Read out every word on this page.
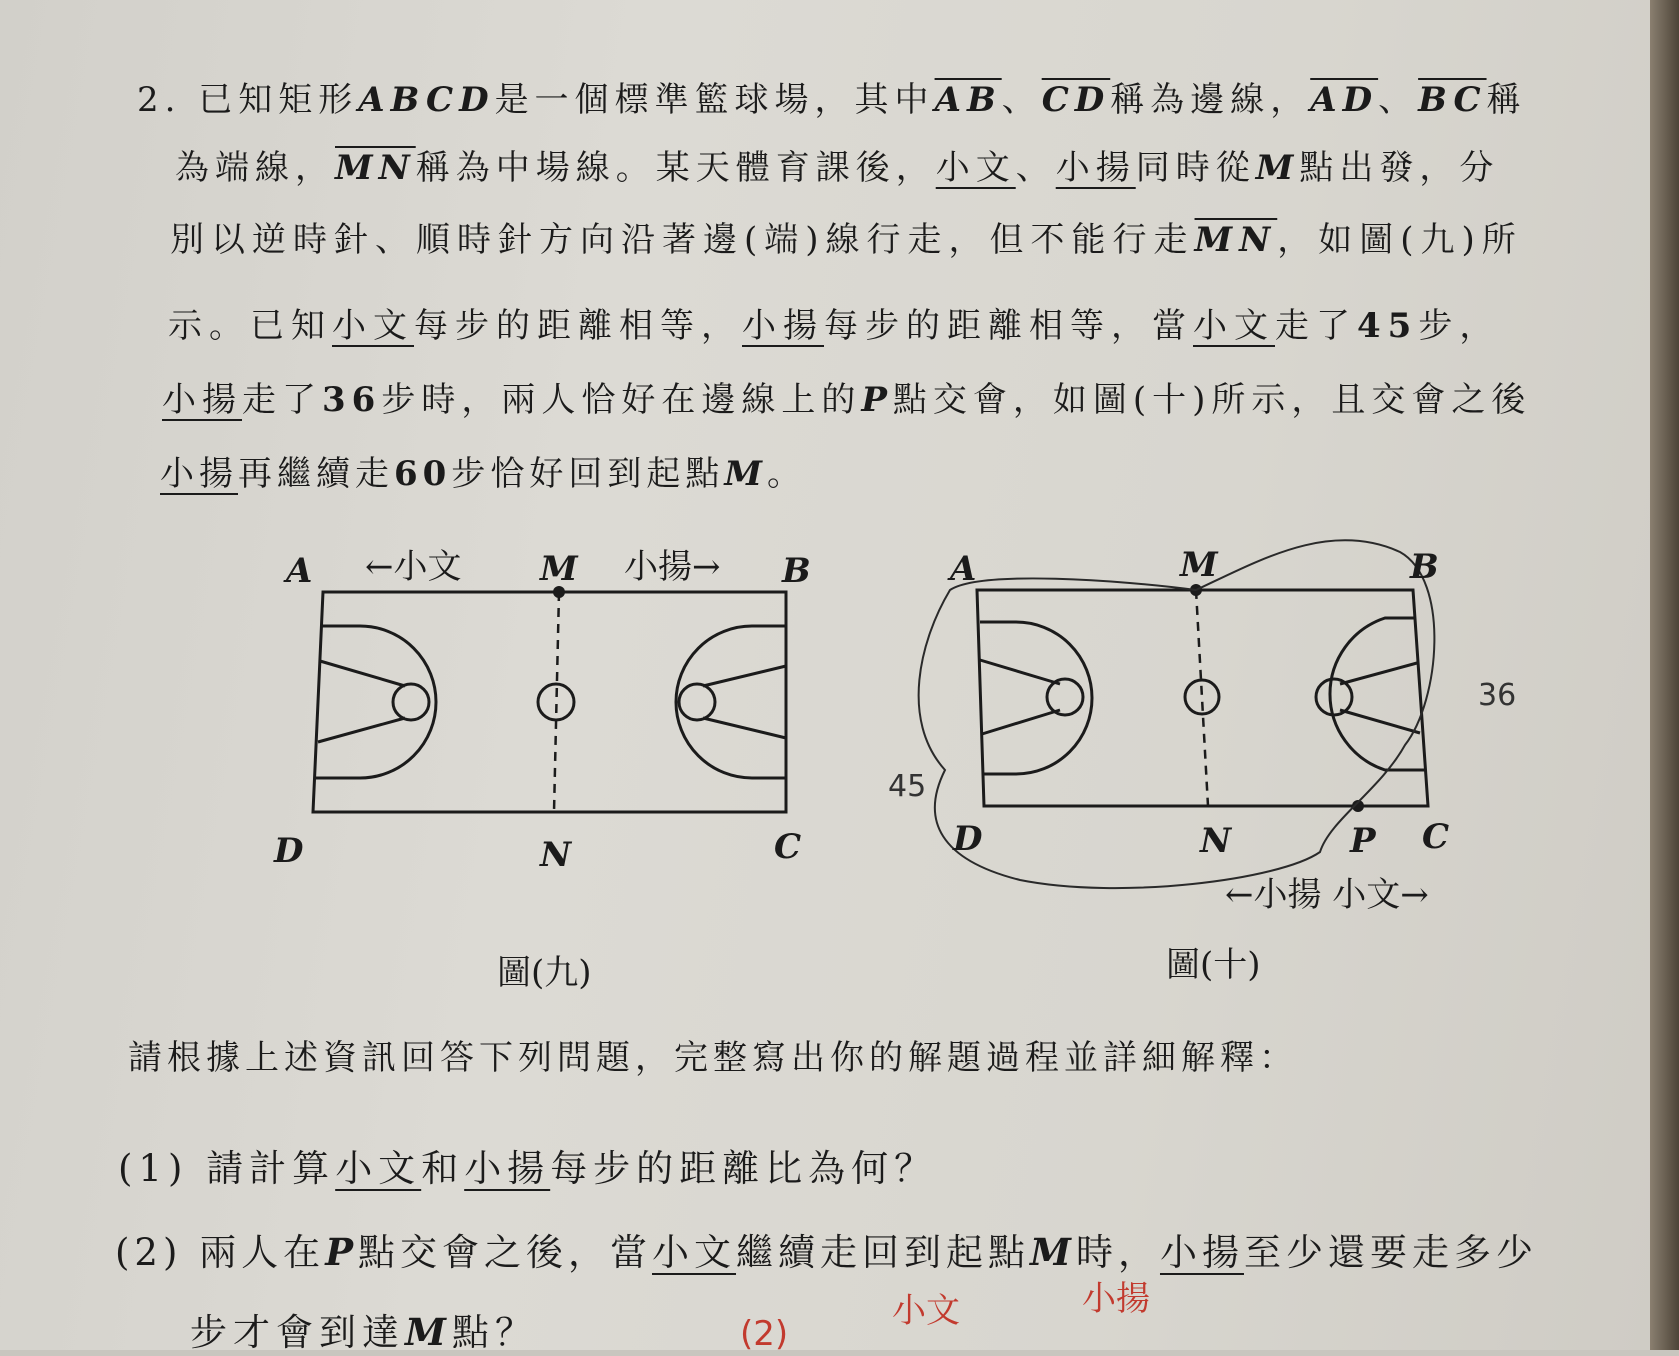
2. 已知矩形ABCD是一個標準籃球場，其中$\overline{AB}$、$\overline{CD}$稱為邊線，$\overline{AD}$、$\overline{BC}$稱
為端線，$\overline{MN}$稱為中場線。某天體育課後，小文、小揚同時從M點出發，分
別以逆時針、順時針方向沿著邊(端)線行走，但不能行走$\overline{MN}$，如圖(九)所
示。已知小文每步的距離相等，小揚每步的距離相等，當小文走了45步，
小揚走了36步時，兩人恰好在邊線上的P點交會，如圖(十)所示，且交會之後
小揚再繼續走60步恰好回到起點M。
A	M	B
D	N	C
←小文	小揚→
圖(九)
A	M	B
D	N	P C
←小揚 小文→
圖(十)
45
36
(2)
小文	小揚
請根據上述資訊回答下列問題，完整寫出你的解題過程並詳細解釋：
(1) 請計算小文和小揚每步的距離比為何？
(2) 兩人在P點交會之後，當小文繼續走回到起點M時，小揚至少還要走多少
步才會到達M點？
